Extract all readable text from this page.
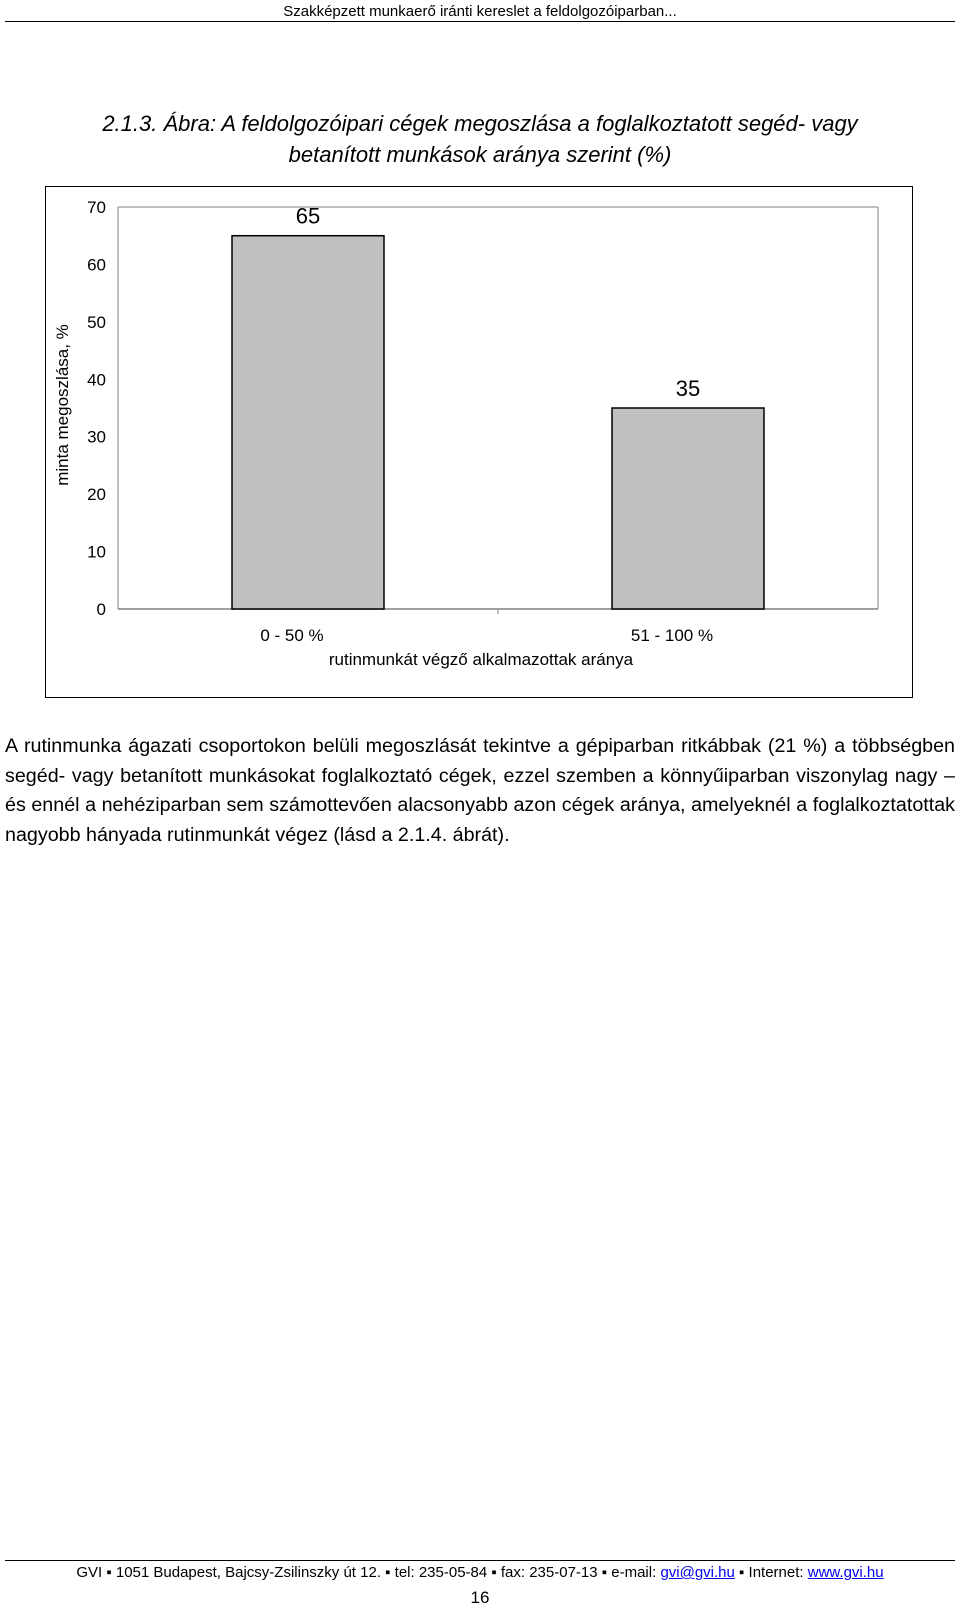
Szakképzett munkaerő iránti kereslet a feldolgozóiparban...
2.1.3. Ábra: A feldolgozóipari cégek megoszlása a foglalkoztatott segéd- vagy
betanított munkások aránya szerint (%)
0
10
20
30
40
50
60
70
minta megoszlása, %
65
0 - 50 %
35
51 - 100 %
rutinmunkát végző alkalmazottak aránya
A rutinmunka ágazati csoportokon belüli megoszlását tekintve a gépiparban ritkábbak (21 %) a többségben segéd- vagy betanított munkásokat foglalkoztató cégek, ezzel szemben a könnyűiparban viszonylag nagy – és ennél a nehéziparban sem számottevően alacsonyabb azon cégek aránya, amelyeknél a foglalkoztatottak nagyobb hányada rutinmunkát végez (lásd a 2.1.4. ábrát).
GVI ▪ 1051 Budapest, Bajcsy-Zsilinszky út 12. ▪ tel: 235-05-84 ▪ fax: 235-07-13 ▪ e-mail: gvi@gvi.hu ▪ Internet: www.gvi.hu
16
